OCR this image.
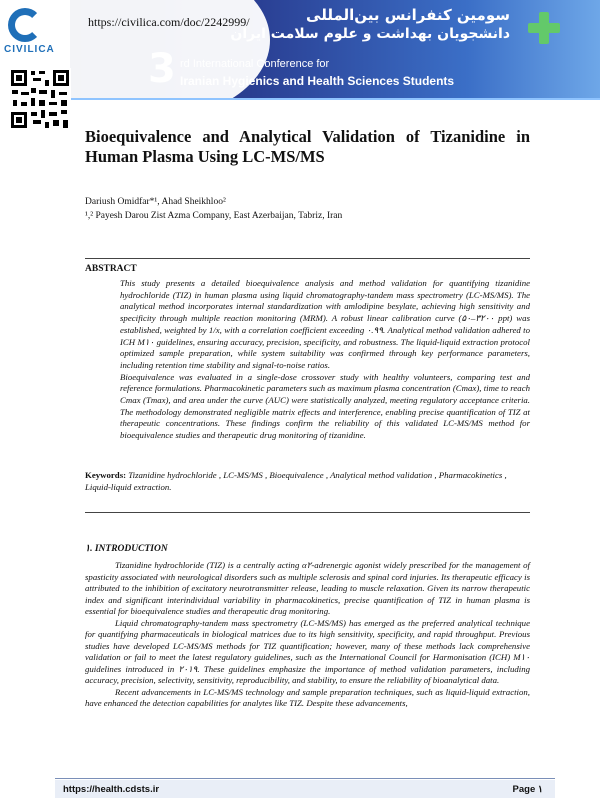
سومین کنفرانس بین‌المللی
دانشجویان بهداشت و علوم سلامت ایران
3 rd International Conference for
Iranian Hygienics and Health Sciences Students
CIVILICA
https://civilica.com/doc/2242999/
Bioequivalence and Analytical Validation of Tizanidine in Human Plasma Using LC-MS/MS
Dariush Omidfar*¹, Ahad Sheikhloo²
¹,² Payesh Darou Zist Azma Company, East Azerbaijan, Tabriz, Iran
ABSTRACT

This study presents a detailed bioequivalence analysis and method validation for quantifying tizanidine hydrochloride (TIZ) in human plasma using liquid chromatography-tandem mass spectrometry (LC-MS/MS). The analytical method incorporates internal standardization with amlodipine besylate, achieving high sensitivity and specificity through multiple reaction monitoring (MRM). A robust linear calibration curve (۵۰–۳۲۰۰ ppt) was established, weighted by 1/x, with a correlation coefficient exceeding ۰.۹۹. Analytical method validation adhered to ICH M۱۰ guidelines, ensuring accuracy, precision, specificity, and robustness. The liquid-liquid extraction protocol optimized sample preparation, while system suitability was confirmed through key performance parameters, including retention time stability and signal-to-noise ratios.

Bioequivalence was evaluated in a single-dose crossover study with healthy volunteers, comparing test and reference formulations. Pharmacokinetic parameters such as maximum plasma concentration (Cmax), time to reach Cmax (Tmax), and area under the curve (AUC) were statistically analyzed, meeting regulatory acceptance criteria. The methodology demonstrated negligible matrix effects and interference, enabling precise quantification of TIZ at therapeutic concentrations. These findings confirm the reliability of this validated LC-MS/MS method for bioequivalence studies and therapeutic drug monitoring of tizanidine.

Keywords: Tizanidine hydrochloride , LC-MS/MS , Bioequivalence , Analytical method validation , Pharmacokinetics , Liquid-liquid extraction.
۱. INTRODUCTION

Tizanidine hydrochloride (TIZ) is a centrally acting α۲-adrenergic agonist widely prescribed for the management of spasticity associated with neurological disorders such as multiple sclerosis and spinal cord injuries. Its therapeutic efficacy is attributed to the inhibition of excitatory neurotransmitter release, leading to muscle relaxation. Given its narrow therapeutic index and significant interindividual variability in pharmacokinetics, precise quantification of TIZ in human plasma is essential for bioequivalence studies and therapeutic drug monitoring.

Liquid chromatography-tandem mass spectrometry (LC-MS/MS) has emerged as the preferred analytical technique for quantifying pharmaceuticals in biological matrices due to its high sensitivity, specificity, and rapid throughput. Previous studies have developed LC-MS/MS methods for TIZ quantification; however, many of these methods lack comprehensive validation or fail to meet the latest regulatory guidelines, such as the International Council for Harmonisation (ICH) M۱۰ guidelines introduced in ۲۰۱۹. These guidelines emphasize the importance of method validation parameters, including accuracy, precision, selectivity, sensitivity, reproducibility, and stability, to ensure the reliability of bioanalytical data.

Recent advancements in LC-MS/MS technology and sample preparation techniques, such as liquid-liquid extraction, have enhanced the detection capabilities for analytes like TIZ. Despite these advancements,

https://health.cdsts.ir	Page ۱
